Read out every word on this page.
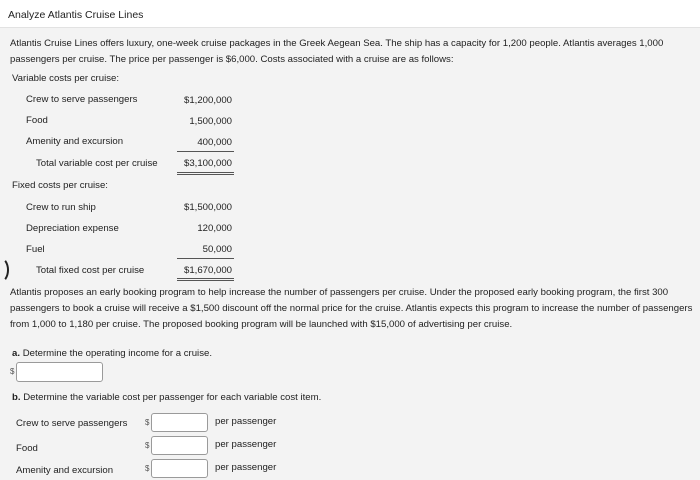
Analyze Atlantis Cruise Lines
Atlantis Cruise Lines offers luxury, one-week cruise packages in the Greek Aegean Sea. The ship has a capacity for 1,200 people. Atlantis averages 1,000 passengers per cruise. The price per passenger is $6,000. Costs associated with a cruise are as follows:
Variable costs per cruise:
Crew to serve passengers	$1,200,000
Food	1,500,000
Amenity and excursion	400,000
Total variable cost per cruise	$3,100,000
Fixed costs per cruise:
Crew to run ship	$1,500,000
Depreciation expense	120,000
Fuel	50,000
Total fixed cost per cruise	$1,670,000
Atlantis proposes an early booking program to help increase the number of passengers per cruise. Under the proposed early booking program, the first 300 passengers to book a cruise will receive a $1,500 discount off the normal price for the cruise. Atlantis expects this program to increase the number of passengers from 1,000 to 1,180 per cruise. The proposed booking program will be launched with $15,000 of advertising per cruise.
a. Determine the operating income for a cruise.
$
b. Determine the variable cost per passenger for each variable cost item.
Crew to serve passengers $	per passenger
Food	$	per passenger
Amenity and excursion	$	per passenger
